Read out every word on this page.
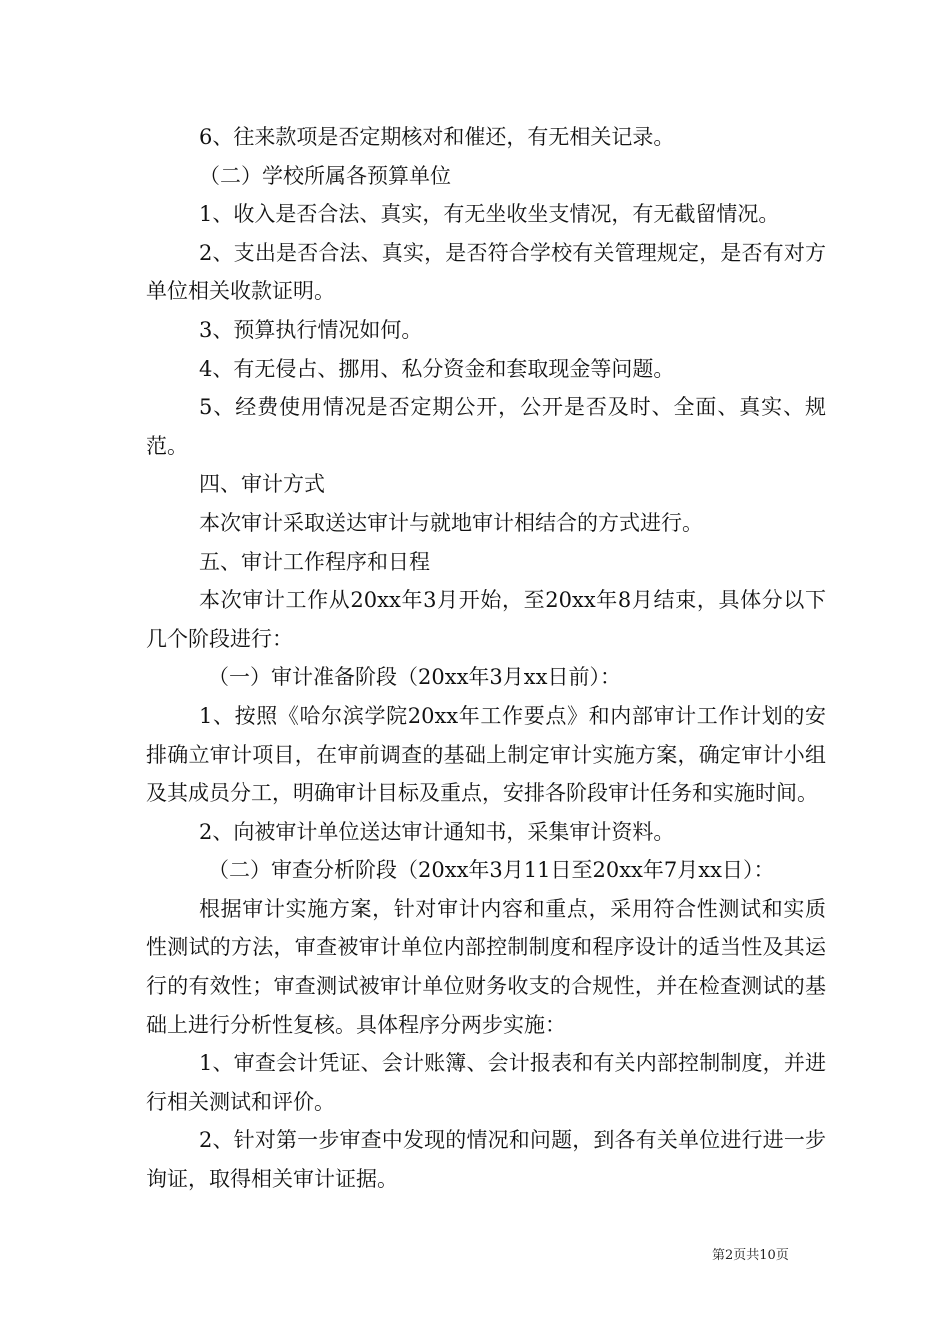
6、往来款项是否定期核对和催还，有无相关记录。

（二）学校所属各预算单位

1、收入是否合法、真实，有无坐收坐支情况，有无截留情况。

2、支出是否合法、真实，是否符合学校有关管理规定，是否有对方单位相关收款证明。

3、预算执行情况如何。

4、有无侵占、挪用、私分资金和套取现金等问题。

5、经费使用情况是否定期公开，公开是否及时、全面、真实、规范。

四、审计方式

本次审计采取送达审计与就地审计相结合的方式进行。

五、审计工作程序和日程

本次审计工作从20xx年3月开始，至20xx年8月结束，具体分以下几个阶段进行：

（一）审计准备阶段（20xx年3月xx日前）：

1、按照《哈尔滨学院20xx年工作要点》和内部审计工作计划的安排确立审计项目，在审前调查的基础上制定审计实施方案，确定审计小组及其成员分工，明确审计目标及重点，安排各阶段审计任务和实施时间。

2、向被审计单位送达审计通知书，采集审计资料。

（二）审查分析阶段（20xx年3月11日至20xx年7月xx日）：

根据审计实施方案，针对审计内容和重点，采用符合性测试和实质性测试的方法，审查被审计单位内部控制制度和程序设计的适当性及其运行的有效性；审查测试被审计单位财务收支的合规性，并在检查测试的基础上进行分析性复核。具体程序分两步实施：

1、审查会计凭证、会计账簿、会计报表和有关内部控制制度，并进行相关测试和评价。

2、针对第一步审查中发现的情况和问题，到各有关单位进行进一步询证，取得相关审计证据。

第2页共10页
